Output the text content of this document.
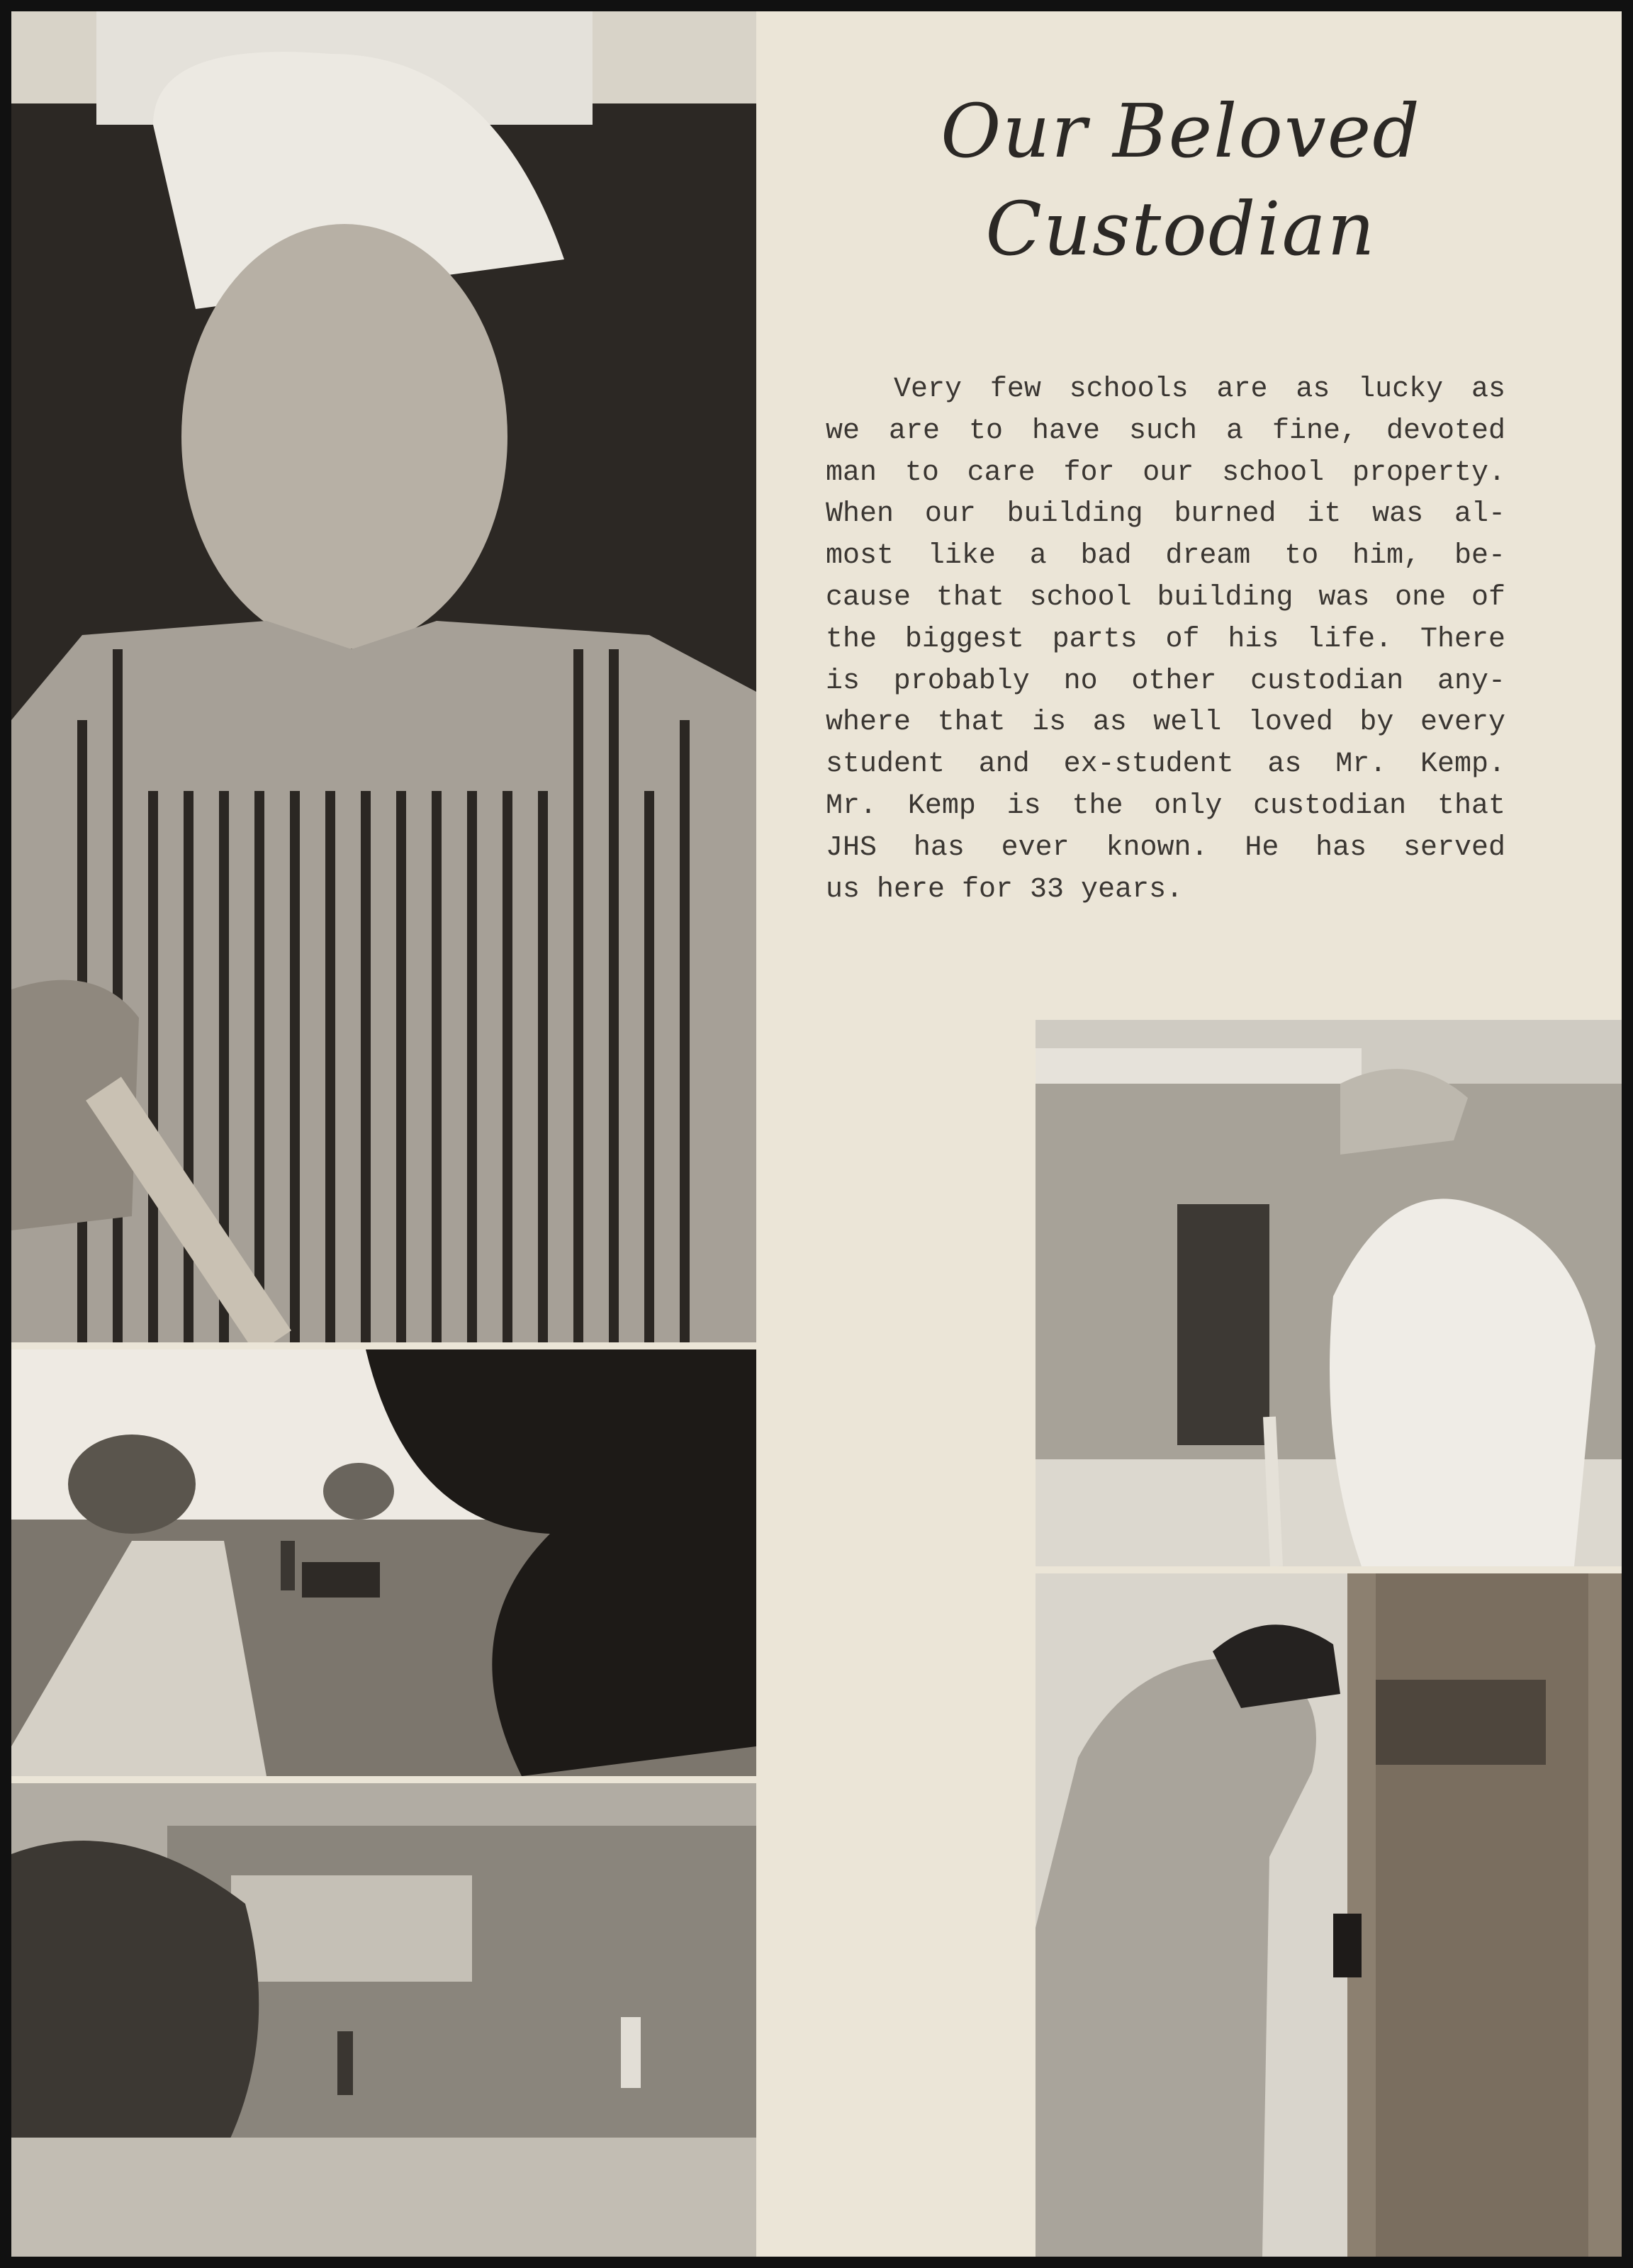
Our Beloved
Custodian
Very few schools are as lucky as
we are to have such a fine, devoted
man to care for our school property.
When our building burned it was al-
most like a bad dream to him, be-
cause that school building was one of
the biggest parts of his life. There
is probably no other custodian any-
where that is as well loved by every
student and ex-student as Mr. Kemp.
Mr. Kemp is the only custodian that
JHS has ever known. He has served
us here for 33 years.
